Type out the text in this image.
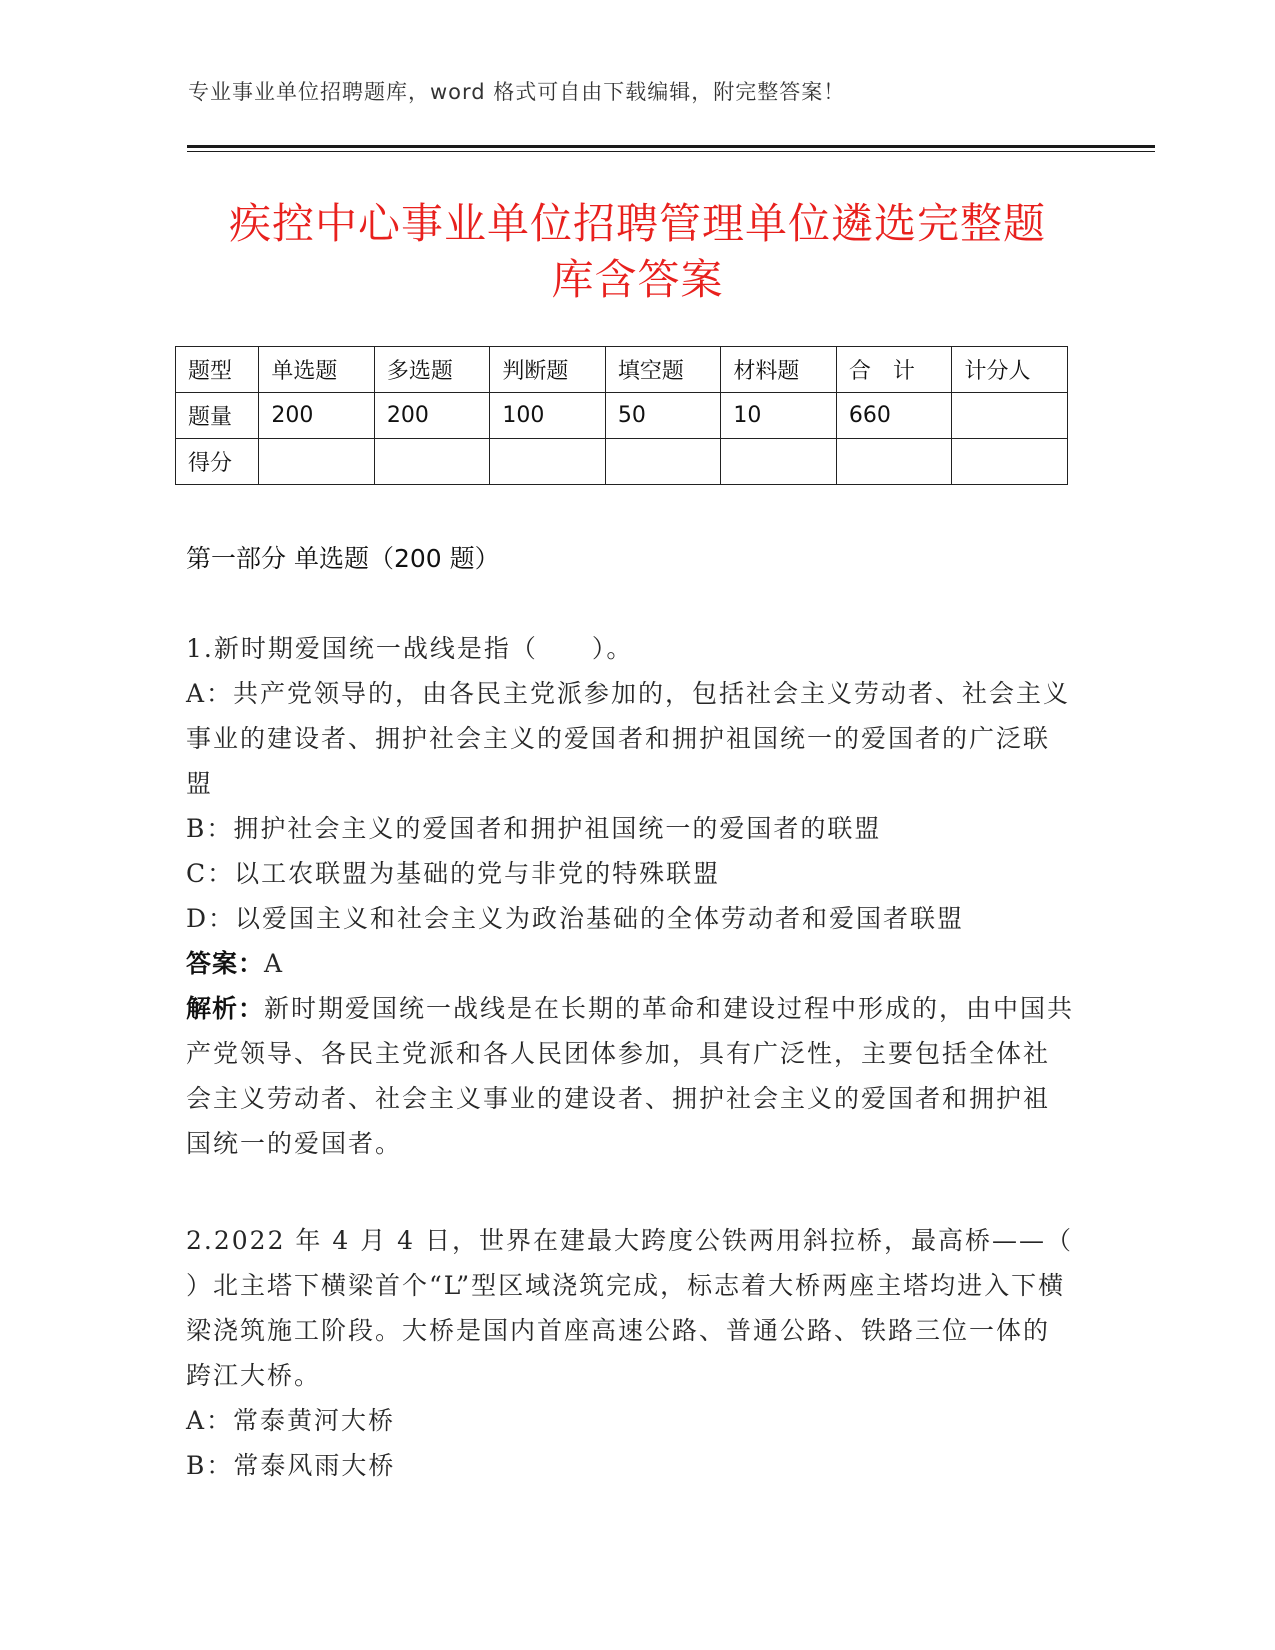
专业事业单位招聘题库，word 格式可自由下载编辑，附完整答案！
疾控中心事业单位招聘管理单位遴选完整题
库含答案
题型	单选题	多选题	判断题	填空题	材料题	合　计	计分人
题量	200	200	100	50	10	660	
得分							
第一部分 单选题（200 题）

1.新时期爱国统一战线是指（　　）。

A：共产党领导的，由各民主党派参加的，包括社会主义劳动者、社会主义事业的建设者、拥护社会主义的爱国者和拥护祖国统一的爱国者的广泛联盟

B：拥护社会主义的爱国者和拥护祖国统一的爱国者的联盟

C：以工农联盟为基础的党与非党的特殊联盟

D：以爱国主义和社会主义为政治基础的全体劳动者和爱国者联盟

答案：A

解析：新时期爱国统一战线是在长期的革命和建设过程中形成的，由中国共产党领导、各民主党派和各人民团体参加，具有广泛性，主要包括全体社会主义劳动者、社会主义事业的建设者、拥护社会主义的爱国者和拥护祖国统一的爱国者。

2.2022 年 4 月 4 日，世界在建最大跨度公铁两用斜拉桥，最高桥——（ ）北主塔下横梁首个“L”型区域浇筑完成，标志着大桥两座主塔均进入下横梁浇筑施工阶段。大桥是国内首座高速公路、普通公路、铁路三位一体的跨江大桥。

A：常泰黄河大桥

B：常泰风雨大桥
